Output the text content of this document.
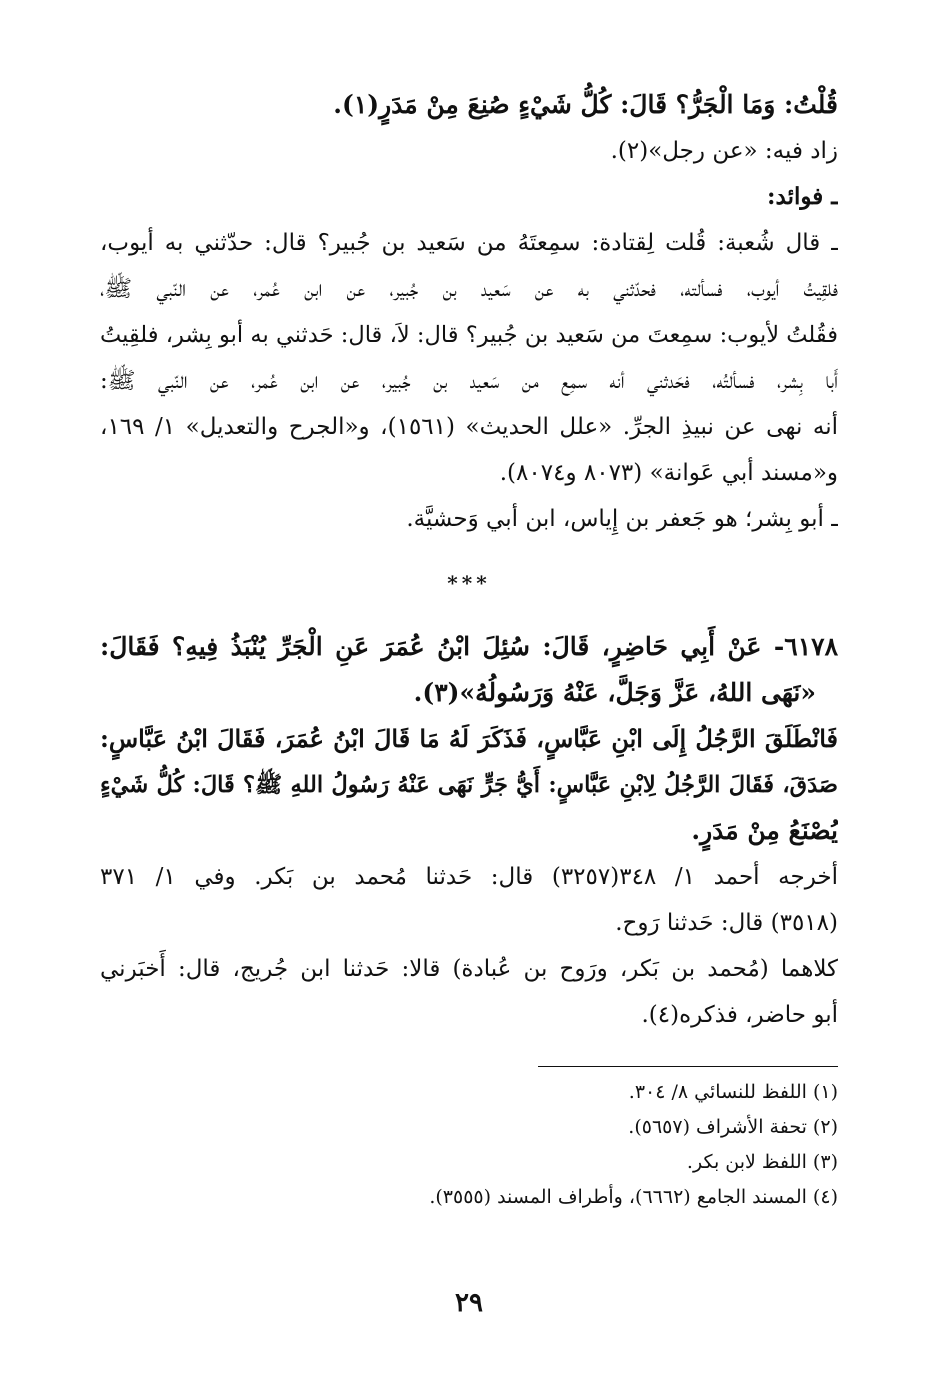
قُلْتُ: وَمَا الْجَرُّ؟ قَالَ: كُلُّ شَيْءٍ صُنِعَ مِنْ مَدَرٍ(١).

زاد فيه: «عن رجل»(٢).

ـ فوائد:

ـ قال شُعبة: قُلت لِقتادة: سمِعتَهُ من سَعيد بن جُبير؟ قال: حدّثني به أيوب،

فلقِيتُ أيوب، فسألته، فحدّثني به عن سَعيد بن جُبير، عن ابن عُمر، عن النّبي ﷺ،

فقُلتُ لأيوب: سمِعتَ من سَعيد بن جُبير؟ قال: لاَ، قال: حَدثني به أبو بِشر، فلقِيتُ

أَبا بِشر، فسألتُه، فحَدثني أنه سمِع من سَعيد بن جُبير، عن ابن عُمر، عن النّبي ﷺ:

أنه نهى عن نبيذِ الجرِّ. «علل الحديث» (١٥٦١)، و«الجرح والتعديل» ١/ ١٦٩،

و«مسند أبي عَوانة» (٨٠٧٣ و٨٠٧٤).

ـ أبو بِشر؛ هو جَعفر بن إِياس، ابن أبي وَحشيَّة.

***

٦١٧٨- عَنْ أَبِي حَاضِرٍ، قَالَ: سُئِلَ ابْنُ عُمَرَ عَنِ الْجَرِّ يُنْبَذُ فِيهِ؟ فَقَالَ:

«نَهَى اللهُ، عَزَّ وَجَلَّ، عَنْهُ وَرَسُولُهُ»(٣).

فَانْطَلَقَ الرَّجُلُ إِلَى ابْنِ عَبَّاسٍ، فَذَكَرَ لَهُ مَا قَالَ ابْنُ عُمَرَ، فَقَالَ ابْنُ عَبَّاسٍ:

صَدَقَ، فَقَالَ الرَّجُلُ لِابْنِ عَبَّاسٍ: أَيُّ جَرٍّ نَهَى عَنْهُ رَسُولُ اللهِ ﷺ؟ قَالَ: كُلُّ شَيْءٍ

يُصْنَعُ مِنْ مَدَرٍ.

أخرجه أحمد ١/ ٣٤٨(٣٢٥٧) قال: حَدثنا مُحمد بن بَكر. وفي ١/ ٣٧١

(٣٥١٨) قال: حَدثنا رَوح.

كلاهما (مُحمد بن بَكر، ورَوح بن عُبادة) قالا: حَدثنا ابن جُريج، قال: أَخبَرني

أبو حاضر، فذكره(٤).

(١) اللفظ للنسائي ٨/ ٣٠٤.

(٢) تحفة الأشراف (٥٦٥٧).

(٣) اللفظ لابن بكر.

(٤) المسند الجامع (٦٦٦٢)، وأطراف المسند (٣٥٥٥).

٢٩
